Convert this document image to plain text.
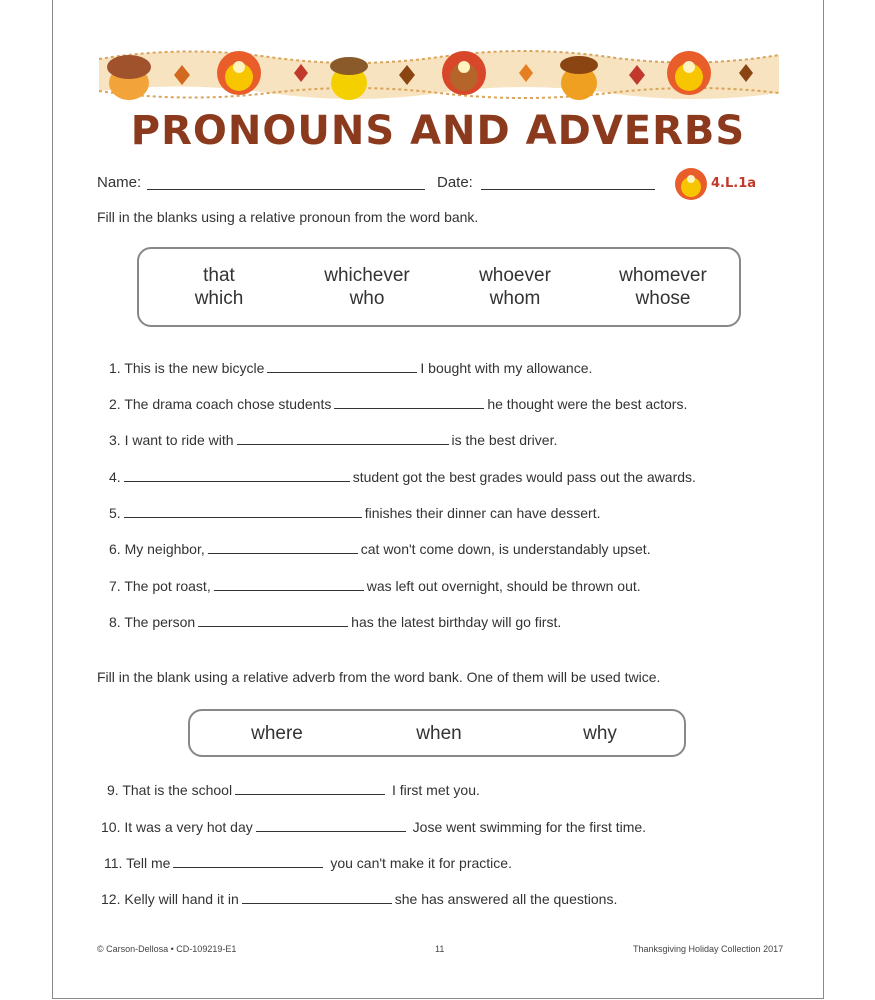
PRONOUNS AND ADVERBS
Name:	Date:	4.L.1a
Fill in the blanks using a relative pronoun from the word bank.
that	whichever	whoever	whomever
which	who	whom	whose
1. This is the new bicycle	I bought with my allowance.
2. The drama coach chose students	he thought were the best actors.
3. I want to ride with	is the best driver.
4.	student got the best grades would pass out the awards.
5.	finishes their dinner can have dessert.
6. My neighbor,	cat won't come down, is understandably upset.
7. The pot roast,	was left out overnight, should be thrown out.
8. The person	has the latest birthday will go first.
Fill in the blank using a relative adverb from the word bank. One of them will be used twice.
where	when	why
9. That is the school	I first met you.
10. It was a very hot day	Jose went swimming for the first time.
11. Tell me	you can't make it for practice.
12. Kelly will hand it in	she has answered all the questions.
© Carson-Dellosa • CD-109219-E1	11	Thanksgiving Holiday Collection 2017
